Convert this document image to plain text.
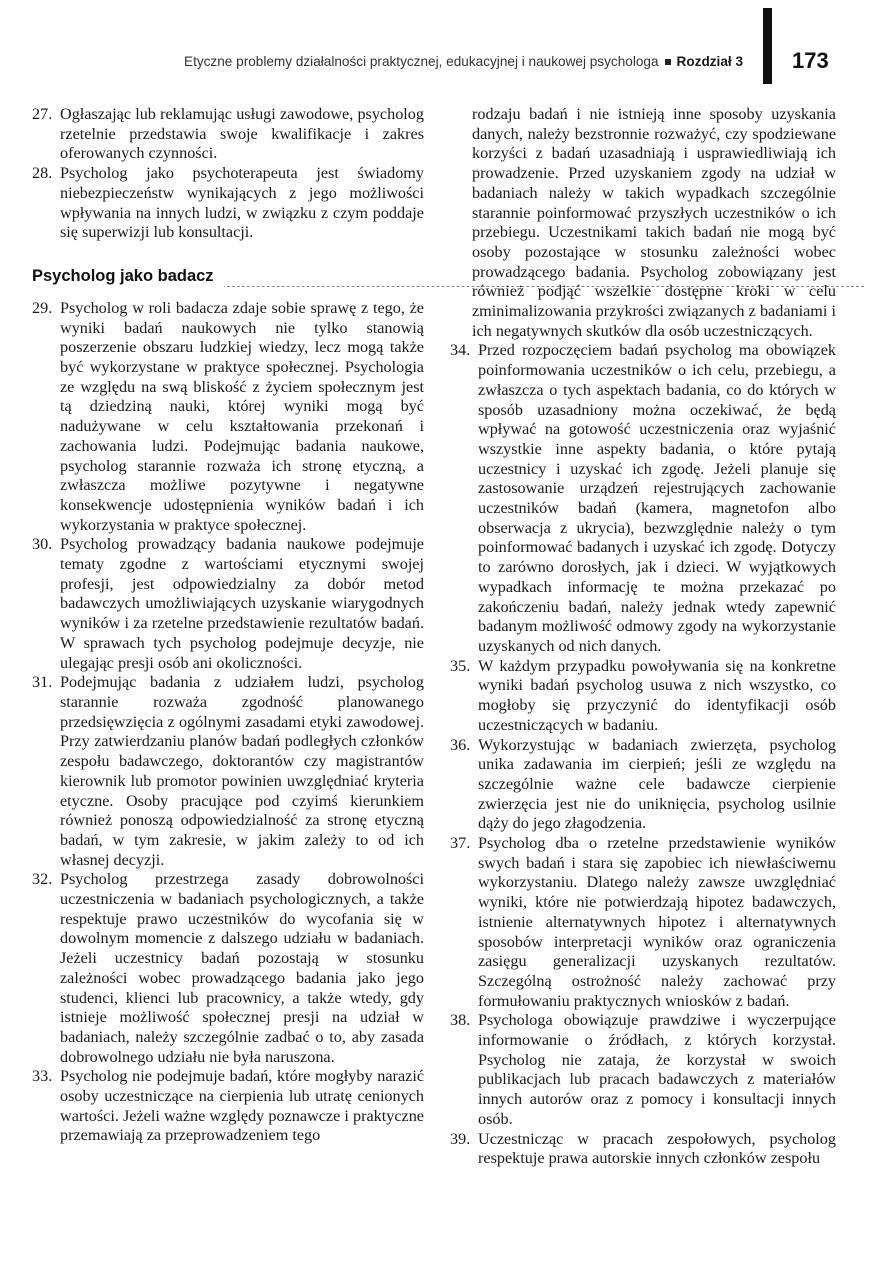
Etyczne problemy działalności praktycznej, edukacyjnej i naukowej psychologa Rozdział 3 173
27. Ogłaszając lub reklamując usługi zawodowe, psycholog rzetelnie przedstawia swoje kwalifikacje i zakres oferowanych czynności.
28. Psycholog jako psychoterapeuta jest świadomy niebezpieczeństw wynikających z jego możliwości wpływania na innych ludzi, w związku z czym poddaje się superwizji lub konsultacji.
Psycholog jako badacz
29. Psycholog w roli badacza zdaje sobie sprawę z tego, że wyniki badań naukowych nie tylko stanowią poszerzenie obszaru ludzkiej wiedzy, lecz mogą także być wykorzystane w praktyce społecznej. Psychologia ze względu na swą bliskość z życiem społecznym jest tą dziedziną nauki, której wyniki mogą być nadużywane w celu kształtowania przekonań i zachowania ludzi. Podejmując badania naukowe, psycholog starannie rozważa ich stronę etyczną, a zwłaszcza możliwe pozytywne i negatywne konsekwencje udostępnienia wyników badań i ich wykorzystania w praktyce społecznej.
30. Psycholog prowadzący badania naukowe podejmuje tematy zgodne z wartościami etycznymi swojej profesji, jest odpowiedzialny za dobór metod badawczych umożliwiających uzyskanie wiarygodnych wyników i za rzetelne przedstawienie rezultatów badań. W sprawach tych psycholog podejmuje decyzje, nie ulegając presji osób ani okoliczności.
31. Podejmując badania z udziałem ludzi, psycholog starannie rozważa zgodność planowanego przedsięwzięcia z ogólnymi zasadami etyki zawodowej. Przy zatwierdzaniu planów badań podległych członków zespołu badawczego, doktorantów czy magistrantów kierownik lub promotor powinien uwzględniać kryteria etyczne. Osoby pracujące pod czyimś kierunkiem również ponoszą odpowiedzialność za stronę etyczną badań, w tym zakresie, w jakim zależy to od ich własnej decyzji.
32. Psycholog przestrzega zasady dobrowolności uczestniczenia w badaniach psychologicznych, a także respektuje prawo uczestników do wycofania się w dowolnym momencie z dalszego udziału w badaniach. Jeżeli uczestnicy badań pozostają w stosunku zależności wobec prowadzącego badania jako jego studenci, klienci lub pracownicy, a także wtedy, gdy istnieje możliwość społecznej presji na udział w badaniach, należy szczególnie zadbać o to, aby zasada dobrowolnego udziału nie była naruszona.
33. Psycholog nie podejmuje badań, które mogłyby narazić osoby uczestniczące na cierpienia lub utratę cenionych wartości. Jeżeli ważne względy poznawcze i praktyczne przemawiają za przeprowadzeniem tego

rodzaju badań i nie istnieją inne sposoby uzyskania danych, należy bezstronnie rozważyć, czy spodziewane korzyści z badań uzasadniają i usprawiedliwiają ich prowadzenie. Przed uzyskaniem zgody na udział w badaniach należy w takich wypadkach szczególnie starannie poinformować przyszłych uczestników o ich przebiegu. Uczestnikami takich badań nie mogą być osoby pozostające w stosunku zależności wobec prowadzącego badania. Psycholog zobowiązany jest również podjąć wszelkie dostępne kroki w celu zminimalizowania przykrości związanych z badaniami i ich negatywnych skutków dla osób uczestniczących.

34. Przed rozpoczęciem badań psycholog ma obowiązek poinformowania uczestników o ich celu, przebiegu, a zwłaszcza o tych aspektach badania, co do których w sposób uzasadniony można oczekiwać, że będą wpływać na gotowość uczestniczenia oraz wyjaśnić wszystkie inne aspekty badania, o które pytają uczestnicy i uzyskać ich zgodę. Jeżeli planuje się zastosowanie urządzeń rejestrujących zachowanie uczestników badań (kamera, magnetofon albo obserwacja z ukrycia), bezwzględnie należy o tym poinformować badanych i uzyskać ich zgodę. Dotyczy to zarówno dorosłych, jak i dzieci. W wyjątkowych wypadkach informację te można przekazać po zakończeniu badań, należy jednak wtedy zapewnić badanym możliwość odmowy zgody na wykorzystanie uzyskanych od nich danych.
35. W każdym przypadku powoływania się na konkretne wyniki badań psycholog usuwa z nich wszystko, co mogłoby się przyczynić do identyfikacji osób uczestniczących w badaniu.
36. Wykorzystując w badaniach zwierzęta, psycholog unika zadawania im cierpień; jeśli ze względu na szczególnie ważne cele badawcze cierpienie zwierzęcia jest nie do uniknięcia, psycholog usilnie dąży do jego złagodzenia.
37. Psycholog dba o rzetelne przedstawienie wyników swych badań i stara się zapobiec ich niewłaściwemu wykorzystaniu. Dlatego należy zawsze uwzględniać wyniki, które nie potwierdzają hipotez badawczych, istnienie alternatywnych hipotez i alternatywnych sposobów interpretacji wyników oraz ograniczenia zasięgu generalizacji uzyskanych rezultatów. Szczególną ostrożność należy zachować przy formułowaniu praktycznych wniosków z badań.
38. Psychologa obowiązuje prawdziwe i wyczerpujące informowanie o źródłach, z których korzystał. Psycholog nie zataja, że korzystał w swoich publikacjach lub pracach badawczych z materiałów innych autorów oraz z pomocy i konsultacji innych osób.
39. Uczestnicząc w pracach zespołowych, psycholog respektuje prawa autorskie innych członków zespołu
